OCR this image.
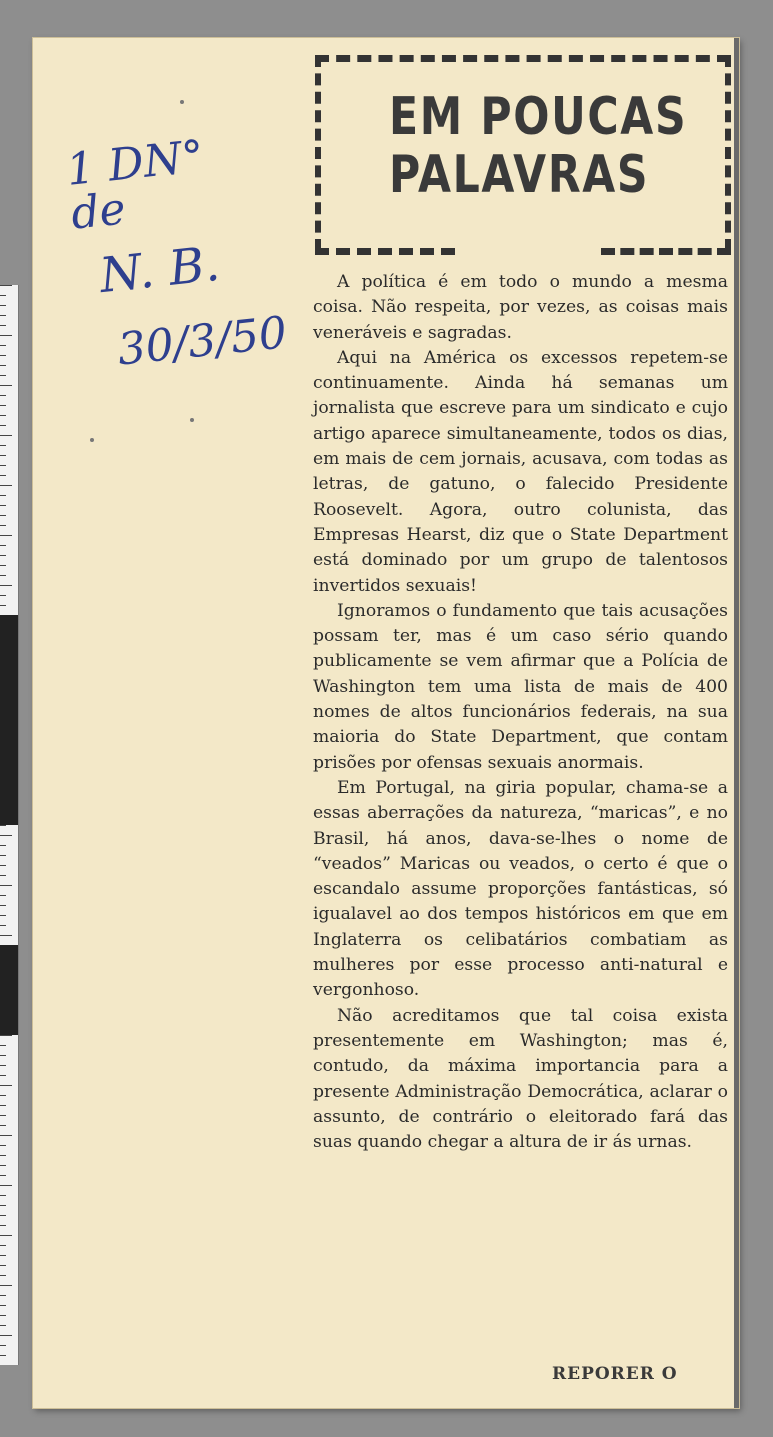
1 DN° de
N. B.
30/3/50
EM POUCAS
PALAVRAS

A política é em todo o mundo a mesma coisa. Não respeita, por vezes, as coisas mais veneráveis e sagradas.

Aqui na América os excessos repetem-se continuamente. Ainda há semanas um jornalista que escreve para um sindicato e cujo artigo aparece simultaneamente, todos os dias, em mais de cem jornais, acusava, com todas as letras, de gatuno, o falecido Presidente Roosevelt. Agora, outro colunista, das Empresas Hearst, diz que o State Department está dominado por um grupo de talentosos invertidos sexuais!

Ignoramos o fundamento que tais acusações possam ter, mas é um caso sério quando publicamente se vem afirmar que a Polícia de Washington tem uma lista de mais de 400 nomes de altos funcionários federais, na sua maioria do State Department, que contam prisões por ofensas sexuais anormais.

Em Portugal, na giria popular, chama-se a essas aberrações da natureza, “maricas”, e no Brasil, há anos, dava-se-lhes o nome de “veados” Maricas ou veados, o certo é que o escandalo assume proporções fantásticas, só igualavel ao dos tempos históricos em que em Inglaterra os celibatários combatiam as mulheres por esse processo anti-natural e vergonhoso.

Não acreditamos que tal coisa exista presentemente em Washington; mas é, contudo, da máxima importancia para a presente Administração Democrática, aclarar o assunto, de contrário o eleitorado fará das suas quando chegar a altura de ir ás urnas.

REPORER O
